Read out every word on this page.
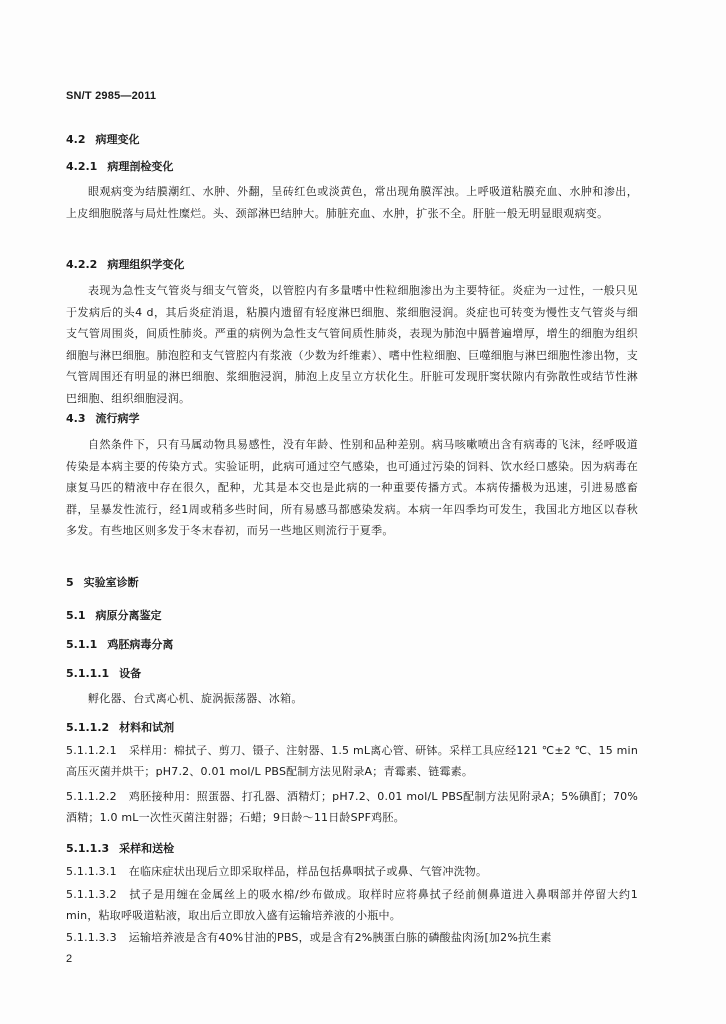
SN/T 2985—2011
4.2 病理变化
4.2.1 病理剖检变化
眼观病变为结膜潮红、水肿、外翻，呈砖红色或淡黄色，常出现角膜浑浊。上呼吸道粘膜充血、水肿和渗出，上皮细胞脱落与局灶性糜烂。头、颈部淋巴结肿大。肺脏充血、水肿，扩张不全。肝脏一般无明显眼观病变。
4.2.2 病理组织学变化
表现为急性支气管炎与细支气管炎，以管腔内有多量嗜中性粒细胞渗出为主要特征。炎症为一过性，一般只见于发病后的头4 d，其后炎症消退，粘膜内遗留有轻度淋巴细胞、浆细胞浸润。炎症也可转变为慢性支气管炎与细支气管周围炎，间质性肺炎。严重的病例为急性支气管间质性肺炎，表现为肺泡中膈普遍增厚，增生的细胞为组织细胞与淋巴细胞。肺泡腔和支气管腔内有浆液（少数为纤维素）、嗜中性粒细胞、巨噬细胞与淋巴细胞性渗出物，支气管周围还有明显的淋巴细胞、浆细胞浸润，肺泡上皮呈立方状化生。肝脏可发现肝窦状隙内有弥散性或结节性淋巴细胞、组织细胞浸润。
4.3 流行病学
自然条件下，只有马属动物具易感性，没有年龄、性别和品种差别。病马咳嗽喷出含有病毒的飞沫，经呼吸道传染是本病主要的传染方式。实验证明，此病可通过空气感染，也可通过污染的饲料、饮水经口感染。因为病毒在康复马匹的精液中存在很久，配种，尤其是本交也是此病的一种重要传播方式。本病传播极为迅速，引进易感畜群，呈暴发性流行，经1周或稍多些时间，所有易感马都感染发病。本病一年四季均可发生，我国北方地区以春秋多发。有些地区则多发于冬末春初，而另一些地区则流行于夏季。
5 实验室诊断
5.1 病原分离鉴定
5.1.1 鸡胚病毒分离
5.1.1.1 设备
孵化器、台式离心机、旋涡振荡器、冰箱。
5.1.1.2 材料和试剂
5.1.1.2.1 采样用：棉拭子、剪刀、镊子、注射器、1.5 mL离心管、研钵。采样工具应经121 ℃±2 ℃、15 min高压灭菌并烘干；pH7.2、0.01 mol/L PBS配制方法见附录A；青霉素、链霉素。
5.1.1.2.2 鸡胚接种用：照蛋器、打孔器、酒精灯；pH7.2、0.01 mol/L PBS配制方法见附录A；5%碘酊；70%酒精；1.0 mL一次性灭菌注射器；石蜡；9日龄～11日龄SPF鸡胚。
5.1.1.3 采样和送检
5.1.1.3.1 在临床症状出现后立即采取样品，样品包括鼻咽拭子或鼻、气管冲洗物。
5.1.1.3.2 拭子是用缠在金属丝上的吸水棉/纱布做成。取样时应将鼻拭子经前侧鼻道进入鼻咽部并停留大约1 min，粘取呼吸道粘液，取出后立即放入盛有运输培养液的小瓶中。
5.1.1.3.3 运输培养液是含有40%甘油的PBS，或是含有2%胰蛋白胨的磷酸盐肉汤[加2%抗生素
2
